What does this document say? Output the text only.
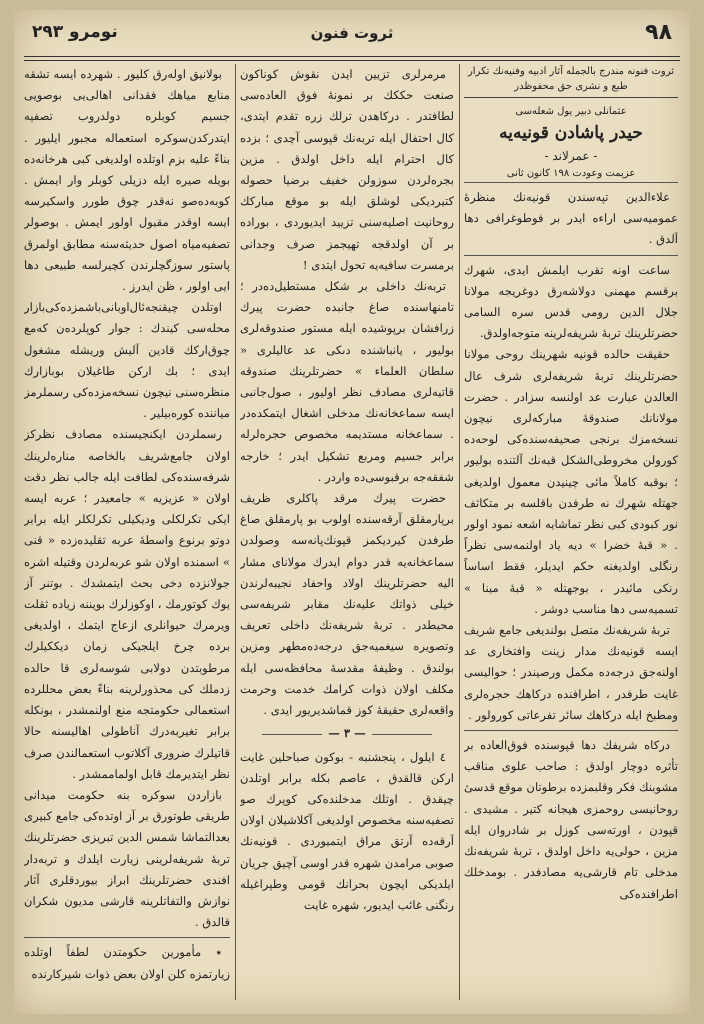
٩٨
ثروت فنون
نومرو ٢٩٣
ثروت فنونه مندرج بالجمله آثار ادبيه وفنيه‌نك تكرار طبع و نشرى حق محفوظدر
عثمانلى دبير يول شعله‌سى
حيدر پاشادن قونيه‌يه
- عمرلاند -
عزيمت وعودت ١٩٨ كانون ثانى

علاءالدين تپه‌سندن قونيه‌نك منظرهٔ عموميه‌سى اراءه ايدر بر فوطوغرافى دها آلدق .

ساعت اونه تقرب ايلمش ايدى، شهرك برقسم مهمنى دولاشه‌رق دوغريجه مولانا جلال الدين رومى قدس سره السامى حضرتلرينك تربهٔ شريفه‌لرينه متوجه‌اولدق.

حقيقت حالده قونيه شهرينك روحى مولانا حضرتلرينك تربهٔ شريفه‌لرى شرف عال العالدن عبارت عد اولنسه سزادر . حضرت مولانانك صندوقهٔ مباركه‌لرى نيچون نسخه‌مزك برنجى صحيفه‌سنده‌كى لوحه‌ده كورولن مخروطى‌الشكل قبه‌نك آلتنده بوليور ؛ بوقبه كاملاً مائى چينيدن معمول اولديغى جهتله شهرك نه طرفدن باقلسه بر متكاثف نور كبودى كبى نظر تماشايه اشعه نمود اولور . « قبهٔ خضرا » ديه ياد اولنمه‌سى نظراً رنگلى اولديغنه حكم ايديلر، فقط اساساً رنكى مائيدر ، بوجهتله « قبهٔ مينا » تسميه‌سى دها مناسب دوشر .

تربهٔ شريفه‌نك متصل بولنديغى جامع شريف ايسه قونيه‌نك مدار زينت وافتخارى عد اولنه‌جق درجه‌ده مكمل ورصيندر ؛ حواليسى غايت طرفدر ، اطرافنده دركاهك حجره‌لرى ومطبخ ايله دركاهك سائر تفرعاتى كورولور .

دركاه شريفك دها قپوسنده فوق‌العاده بر تأثره دوچار اولدق : صاحب علوى مناقب مشوبنك فكر وقلبمزده برطوتان موقع قدسىٔ روحانيسى روحمزى هيجانه كتير . مشيدى . قپودن ، اورته‌سى كوزل بر شادروان ايله مزين ، حولى‌يه داخل اولدق ، تربهٔ شريفه‌نك مدخلى تام قارشى‌يه مصادفدر . بومدخلك اطرافنده‌كى

مرمرلرى تزيين ايدن نقوش كوناكون صنعت حككك بر نمونهٔ فوق العاده‌سى لطافتدر . دركاهدن ترلك زره تقدم ايتدى، كال احتفال ايله تربه‌نك قپوسى آچدى ؛ بزده كال احترام ايله داخل اولدق . مزين بجره‌لردن سوزولن خفيف برضيا حصوله كتيرديكى لوشلق ايله بو موقع مباركك روحانيت اصليه‌سنى تزييد ايديوردى ، بورادە بر آن اولدقجه تهيجمز صرف وجدانى برمسرت سافيه‌يه تحول ايتدى !

تربه‌نك داخلى بر شكل مستطيل‌ده‌در ؛ تامنهاسنده صاغ جانبده حضرت پيرك زرافشان برپوشيده ايله مستور صندوقه‌لرى بوليور ، يانباشنده دىكى عد عاليلرى « سلطان العلماء » حضرتلرينك صندوقه قاتيه‌لرى مصادف نظر اوليور ، صول‌جانبى ايسه سماعخانه‌نك مدخلى اشغال ايتمكده‌در . سماعخانه مستديمه مخصوص حجره‌لرله برابر جسيم ومربع تشكيل ايدر ؛ خارجه شفقه‌جه برقبوسى‌ده واردر .

حضرت پيرك مرقد پاكلرى ظريف برپارمقلق آرقه‌سنده اولوب بو پارمقلق صاغ طرفدن كيرديكمز قپونك‌پانه‌سه وصولدن سماعخانه‌يه قدر دوام ايدرك مولاناى مشار اليه حضرتلرينك اولاد واحفاد نجيبه‌لرندن خيلى ذواتك عليه‌نك مقابر شريفه‌سى محيطدر . تربهٔ شريفه‌نك داخلى تعريف وتصويره سيغميه‌جق درجه‌ده‌مطهر ومزين بولندق . وظيفهٔ مقدسهٔ محافظه‌سى ايله مكلف اولان ذوات كرامك خدمت وحرمت واقعه‌لرى حقيقهٔ كوز قماشديريور ايدى .

— ٣ —

٤ ايلول ، پنجشنبه - بوكون صباحلين غايت اركن قالقدق ، عاصم بكله برابر اوتلدن چيقدق . اوتلك مدخلنده‌كى كوپرك صو تصفيه‌سنه مخصوص اولديغى آكلاشيلان اولان آرقه‌ده آرتق مراق ايتميوردى . قونيه‌نك صوبى مرامدن شهره قدر اوسى آچيق جريان ايلديكى ايچون بحرانك قومى وطپراغيله رنگنى غائب ايديور، شهره غايت

بولانيق اوله‌رق كليور . شهرده ايسه تشقه منابع مياهك فقدانى اهالى‌يى بوصويى جسيم كوبلره دولدروب تصفيه ايتدركدن‌سوكره استعماله مجبور ايليور . بناءً عليه بزم اوتلده اولديغى كبى هرخانه‌ده بويله صيره ايله دزيلى كوبلر وار ايمش . كوبه‌ده‌صو نه‌قدر چوق طورر واسكيرسه ايسه اوقدر مقبول اولور ايمش . بوصولر تصفيه‌مياه اصول حديثه‌سنه مطابق اولمرق پاستور سوزگچلرندن كچيرلسه طبيعى دها ايى اولور ، ظن ايدرز .

اوتلدن چيقنجه‌ئال‌اوبانى‌باشمزده‌كى‌بازار محله‌سى كيندك : جوار كوپلرده‌ن كه‌مع چوق‌اركك قادين آليش وريشله مشغول ايدى ؛ بك اركن طاغيلان بوبازارك منظره‌سنى نيچون نسخه‌مزده‌كى رسملرمز مياننده كوره‌بيلير .

رسملردن ايكنجيسنده مصادف نظركز اولان جامع‌شريف بالخاصه مناره‌لرينك شرفه‌سنده‌كى لطافت ايله جالب نظر دقت اولان « عزيزيه » جامعيدر ؛ عربه ايسه ايكى تكرلكلى وديكيلى تكرلكلر ايله برابر دوتو برنوع واسطهٔ عربه تقليده‌زده « قنى » اسمنده اولان شو عربه‌لردن وقتيله اشره جولانزده دخى بحث ايتمشدك . بوتنر آز يوك كوتورمك ، اوكوزلرك بويننه زياده ثقلت ويرمرك حيوانلرى ازعاج ايتمك ، اولديغى برده چرخ ايلجيكى زمان ديككيلرك مرطوبتدن دولابى شوسه‌لرى قا حالده زدملك كى محذورلرينه بناءً بعض محللرده استعمالى حكومتجه منع اولنمشدر ، بونكله برابر تغيربه‌درك آناطولى اهاليسنه حالا قاتيلرك ضرورى آكلاتوب استعمالندن صرف نظر ايتديرمك قابل اولماممشدر .

بازاردن سوكره بنه حكومت ميدانى طريقى طوتورق بر آز اوتده‌كى جامع كبيرى بعدالتماشا شمس الدين تبريزى حضرتلرينك تربهٔ شريفه‌لرينى زيارت ايلدك و تربه‌دار افندى حضرتلرينك ابراز بيوردقلرى آثار نوازش والتفاتلرينه قارشى مديون شكران قالدق .

٭ مأمورين حكومتدن لطفاً اوتلده زيارتمزه كلن اولان بعض ذوات شيركارنده
